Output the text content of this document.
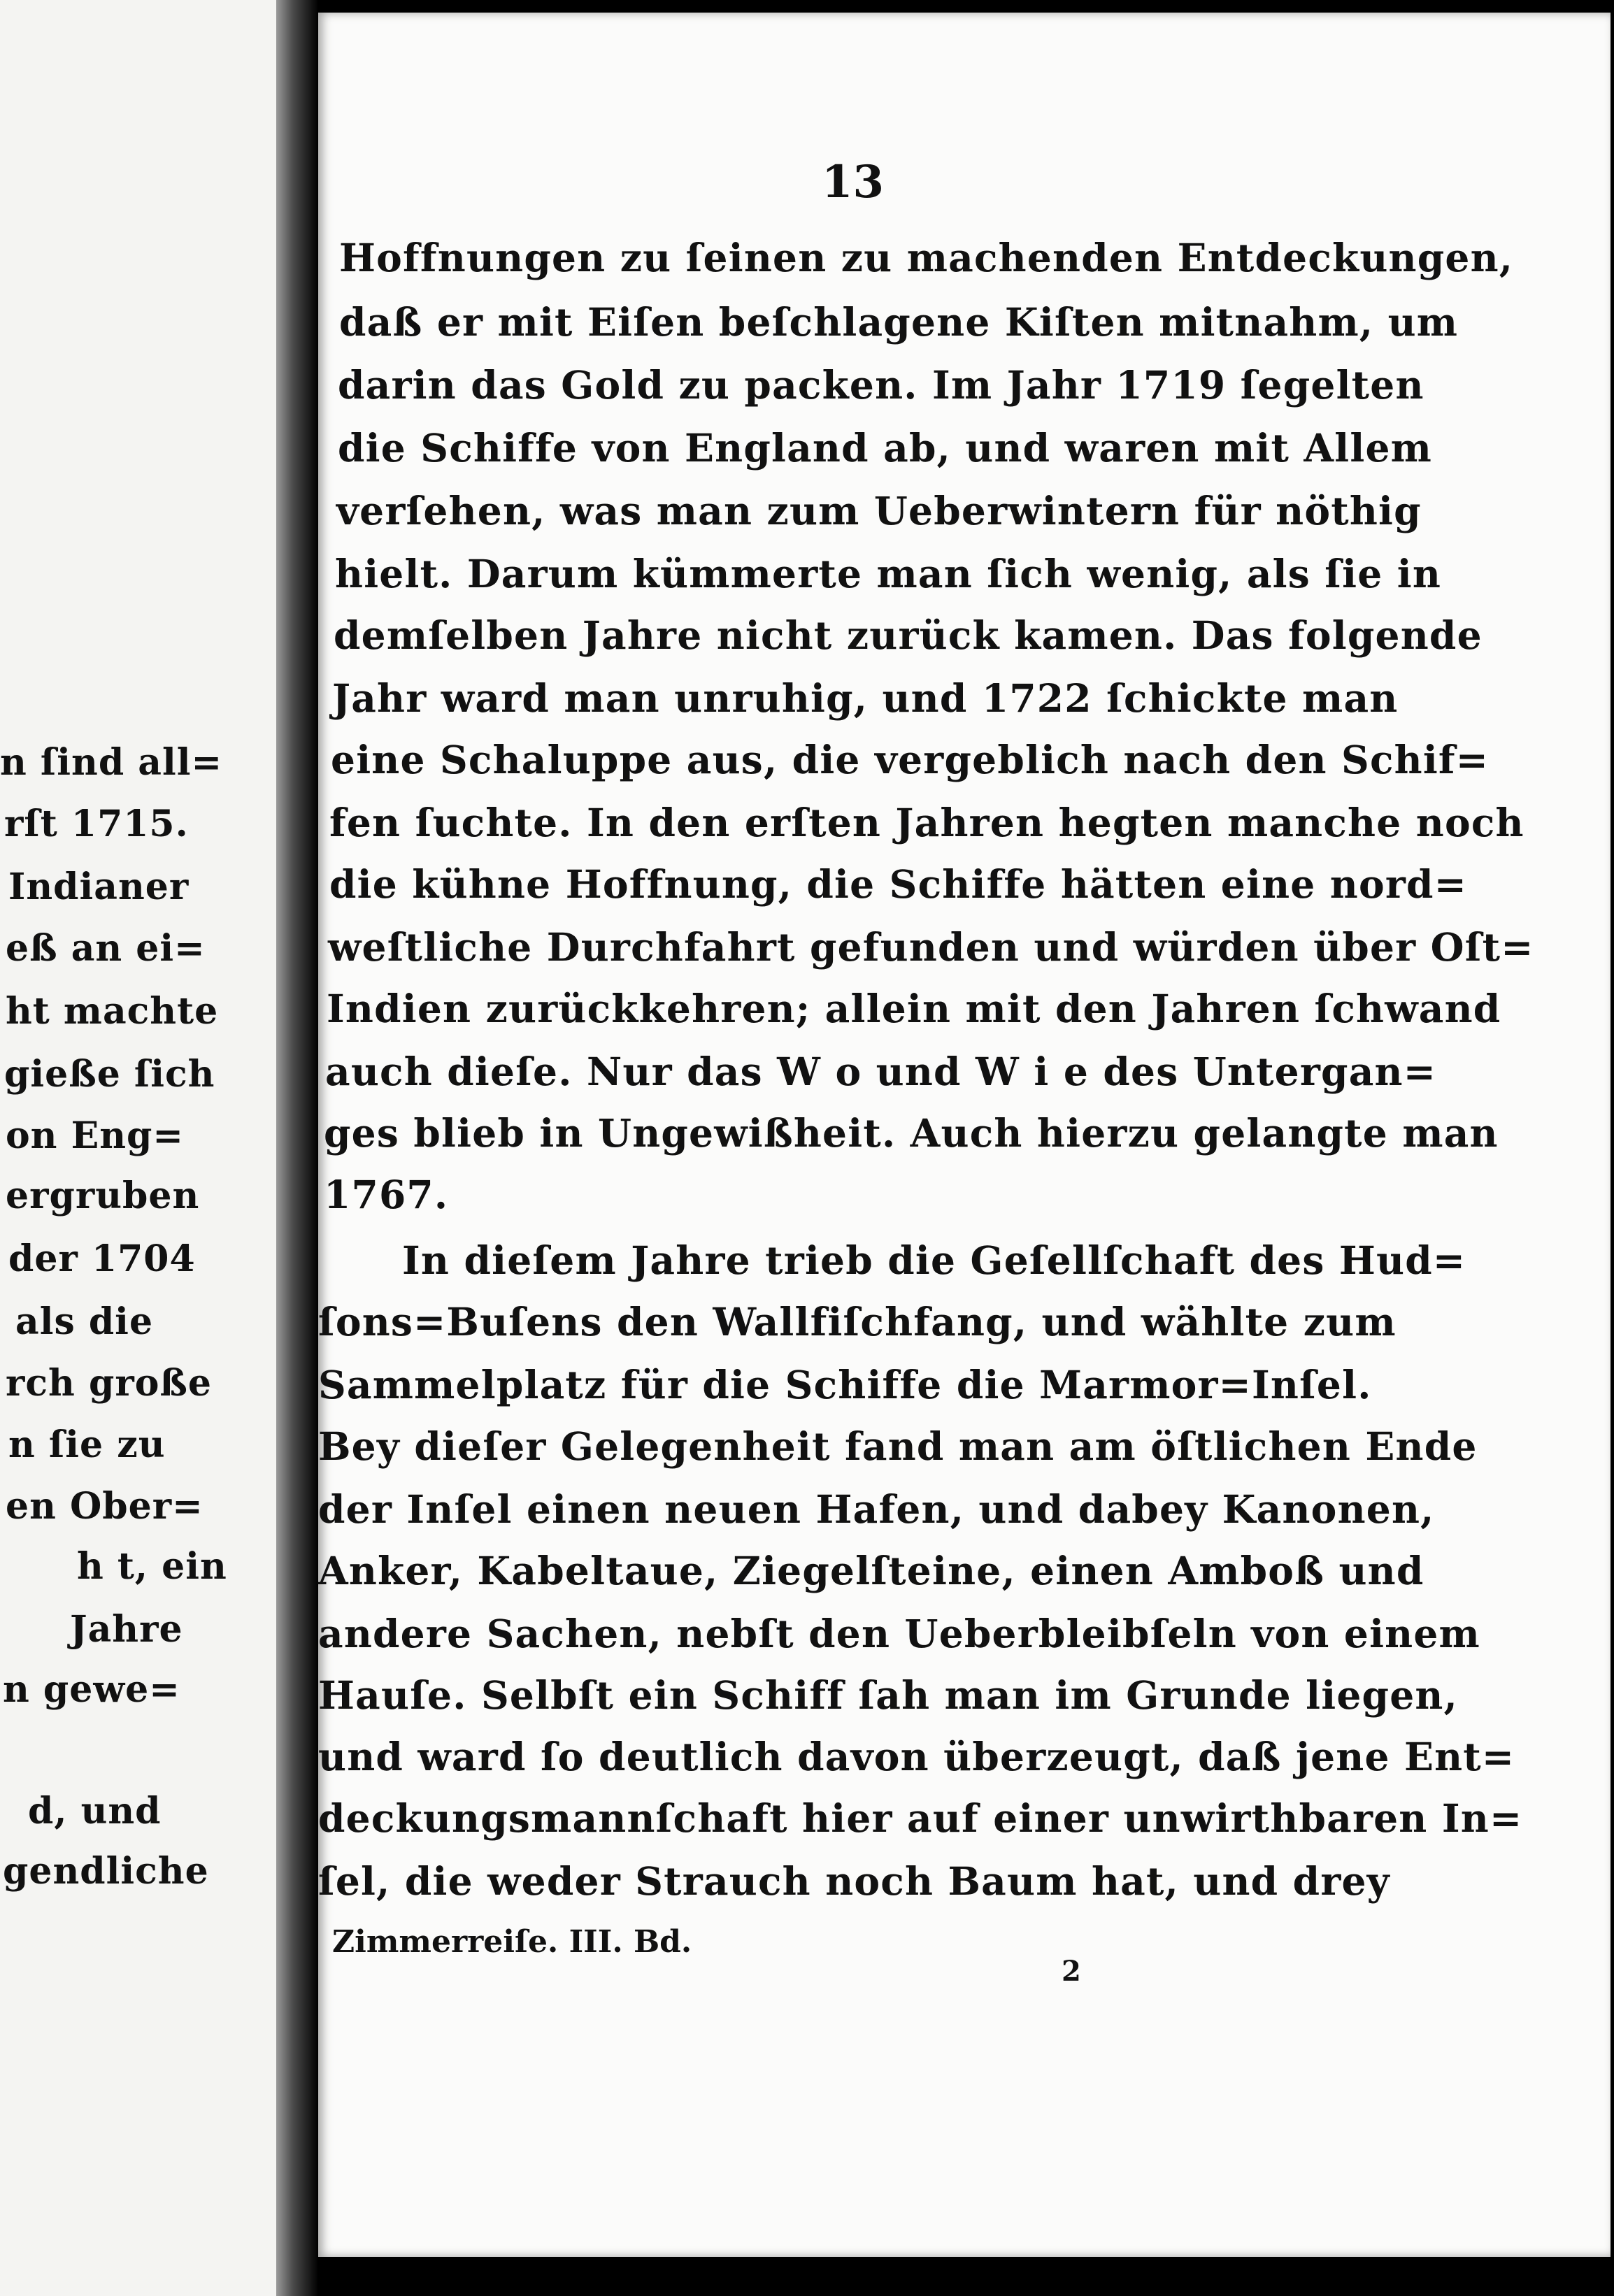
n ſind all=
rſt 1715.
Indianer
eß an ei=
ht machte
gieße ſich
on Eng=
ergruben
der 1704
als die
rch große
n ſie zu
en Ober=
h t, ein
Jahre
n gewe=
d, und
gendliche
13
Hoffnungen zu ſeinen zu machenden Entdeckungen,
daß er mit Eiſen beſchlagene Kiſten mitnahm, um
darin das Gold zu packen. Im Jahr 1719 ſegelten
die Schiffe von England ab, und waren mit Allem
verſehen, was man zum Ueberwintern für nöthig
hielt. Darum kümmerte man ſich wenig, als ſie in
demſelben Jahre nicht zurück kamen. Das folgende
Jahr ward man unruhig, und 1722 ſchickte man
eine Schaluppe aus, die vergeblich nach den Schif=
fen ſuchte. In den erſten Jahren hegten manche noch
die kühne Hoffnung, die Schiffe hätten eine nord=
weſtliche Durchfahrt gefunden und würden über Oſt=
Indien zurückkehren; allein mit den Jahren ſchwand
auch dieſe. Nur das W o und W i e des Untergan=
ges blieb in Ungewißheit. Auch hierzu gelangte man
1767.
In dieſem Jahre trieb die Geſellſchaft des Hud=
ſons=Buſens den Wallfiſchfang, und wählte zum
Sammelplatz für die Schiffe die Marmor=Inſel.
Bey dieſer Gelegenheit fand man am öſtlichen Ende
der Inſel einen neuen Hafen, und dabey Kanonen,
Anker, Kabeltaue, Ziegelſteine, einen Amboß und
andere Sachen, nebſt den Ueberbleibſeln von einem
Hauſe. Selbſt ein Schiff ſah man im Grunde liegen,
und ward ſo deutlich davon überzeugt, daß jene Ent=
deckungsmannſchaft hier auf einer unwirthbaren In=
ſel, die weder Strauch noch Baum hat, und drey
Zimmerreiſe. III. Bd.
2
